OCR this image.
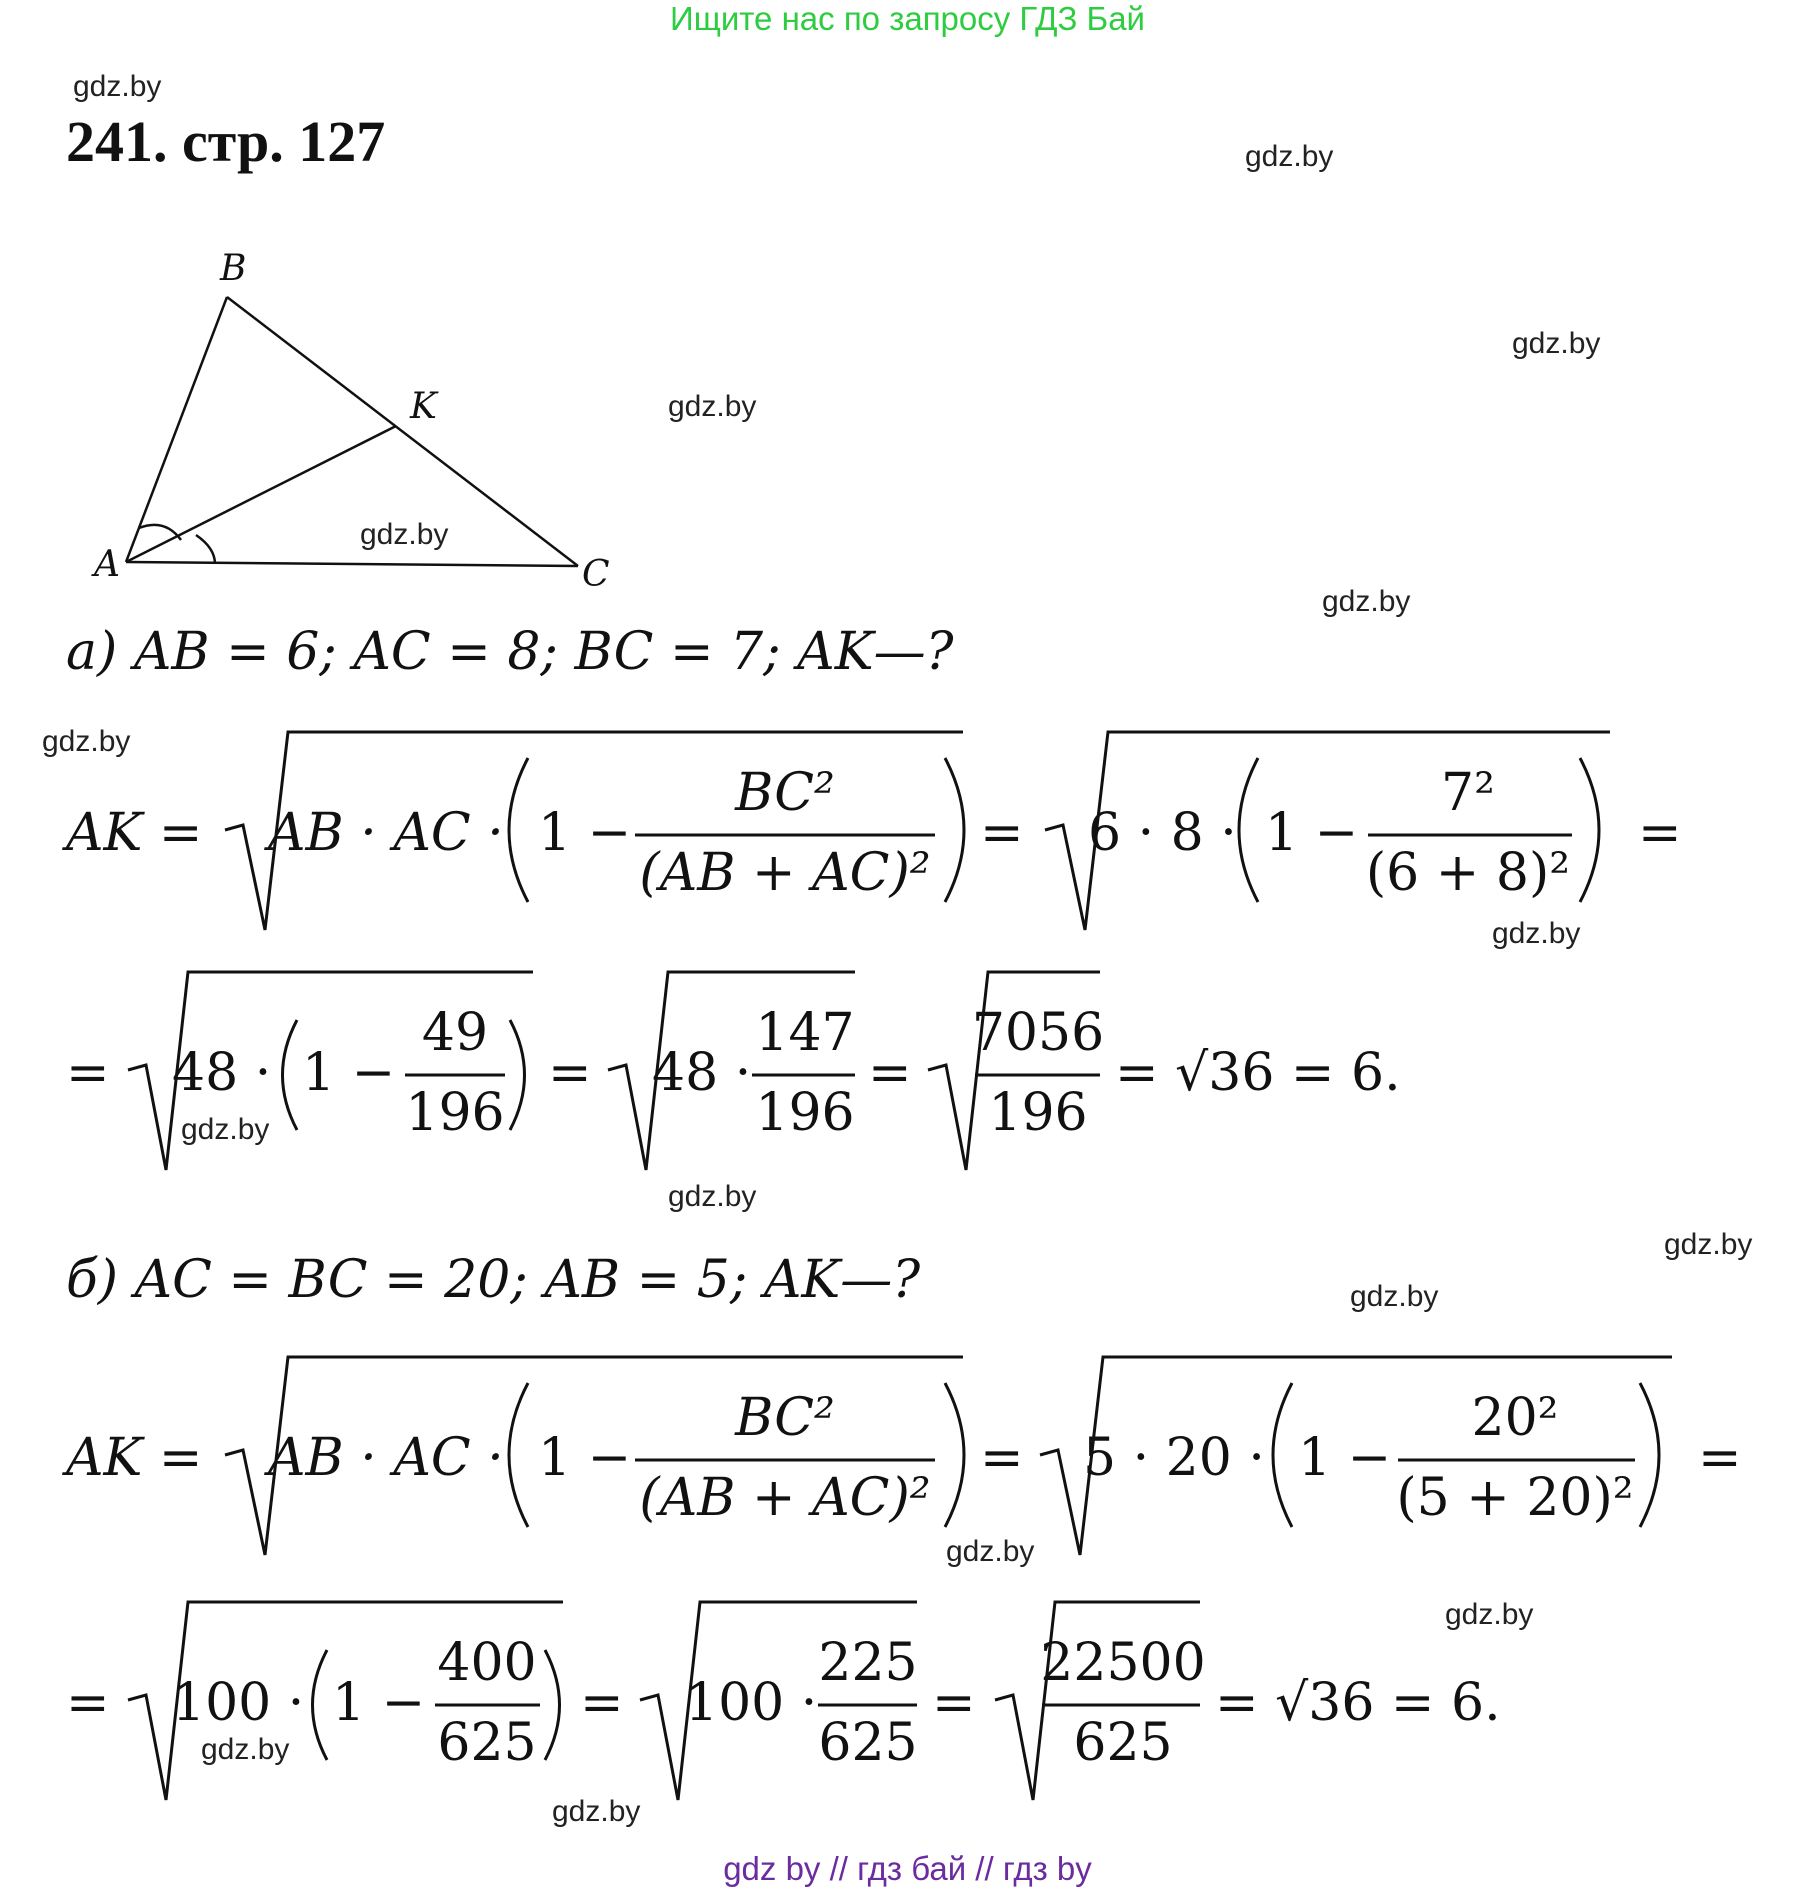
Ищите нас по запросу ГДЗ Бай
gdz.by
gdz.by
gdz.by
gdz.by
gdz.by
gdz.by
gdz.by
gdz.by
gdz.by
gdz.by
gdz.by
gdz.by
gdz.by
gdz.by
gdz.by
gdz.by
241. стр. 127
B
K
A	C
а) AB = 6; AC = 8; BC = 7; AK—?
AK = AB · AC · 1 −
BC²
(AB + AC)²
= 6 · 8 · 1 −
7²
(6 + 8)²
=
= 48 · 1 −
49
196
= 48 ·
147
196
=
7056
196
= √36 = 6.
б) AC = BC = 20; AB = 5; AK—?
AK = AB · AC · 1 −
BC²
(AB + AC)²
= 5 · 20 · 1 −
20²
(5 + 20)²
=
= 100 · 1 −
400
625
= 100 ·
225
625
=
22500
625
= √36 = 6.
gdz by // гдз бай // гдз by
